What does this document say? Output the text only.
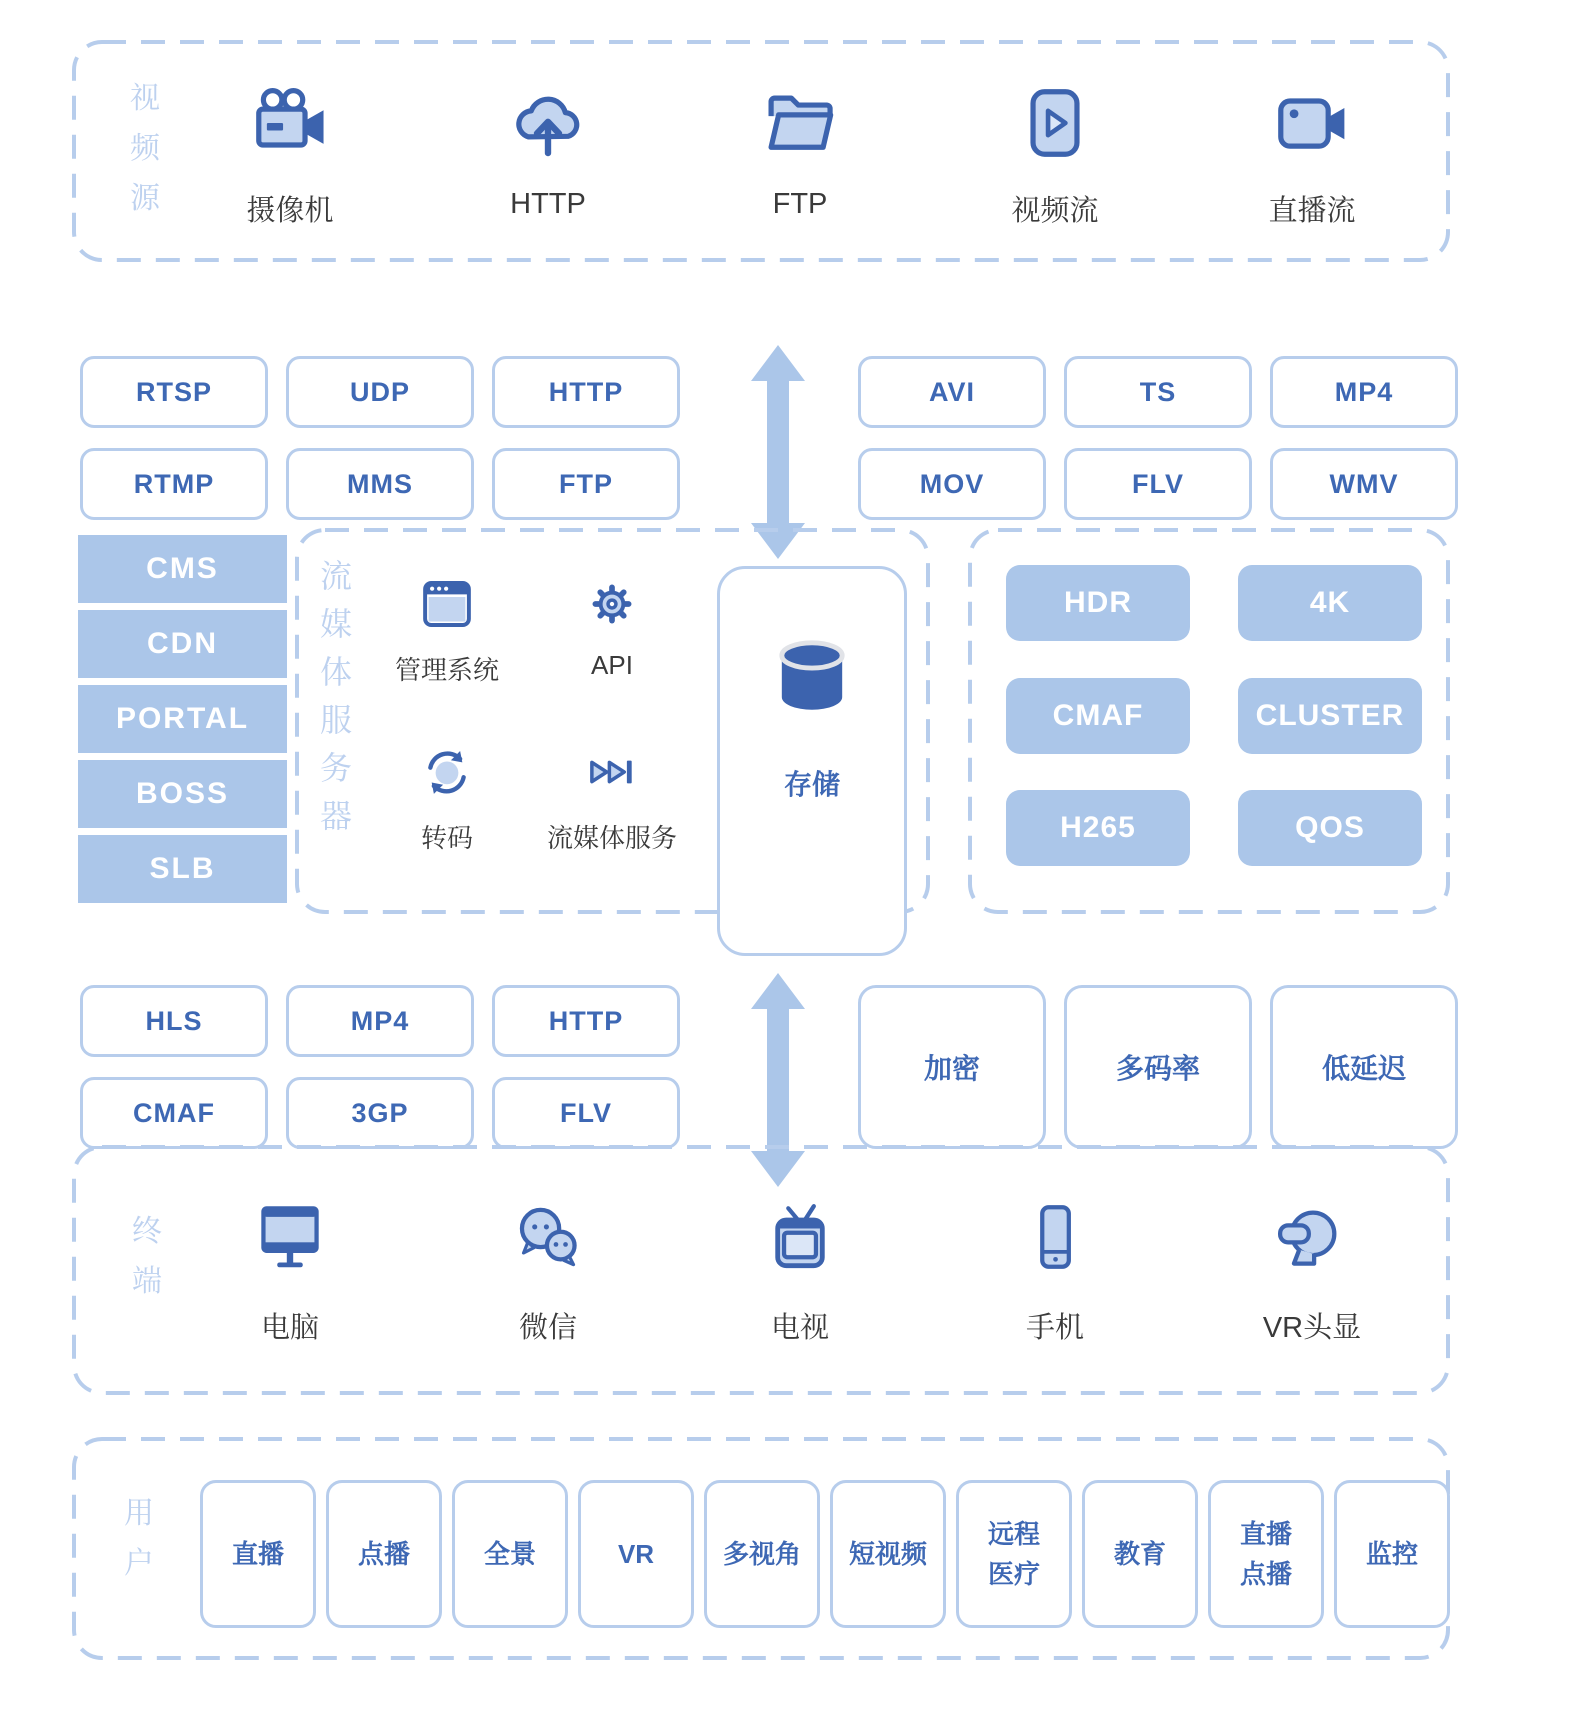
视频源	摄像机	HTTP	FTP	视频流	直播流
RTSP	UDP	HTTP
RTMP	MMS	FTP
AVI	TS	MP4
MOV	FLV	WMV
CMS
CDN
PORTAL
BOSS
SLB
流媒体服务器
管理系统	API
转码	流媒体服务
存储
HDR	4K
CMAF	CLUSTER
H265	QOS
HLS	MP4	HTTP
CMAF	3GP	FLV
加密	多码率	低延迟
终端
电脑	微信	电视	手机	VR头显
用户	直播	点播	全景	VR	多视角	短视频
远程
医疗
教育
直播
点播
监控
